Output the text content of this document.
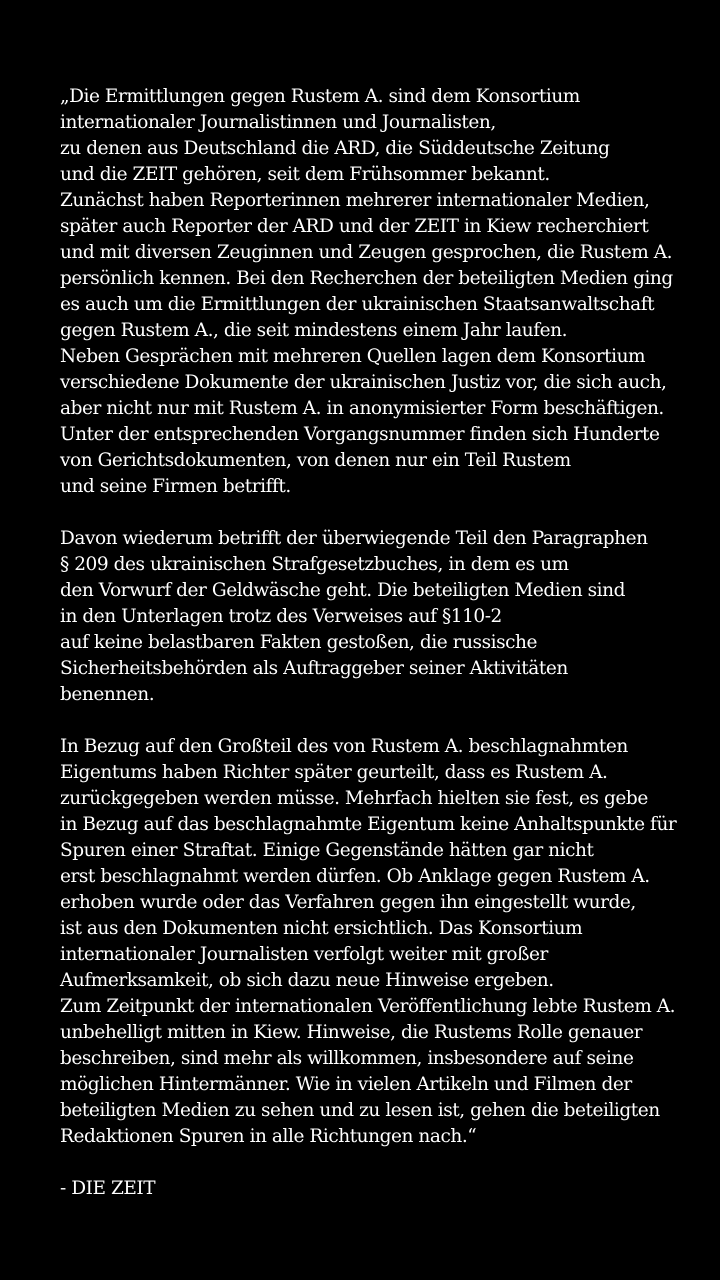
„Die Ermittlungen gegen Rustem A. sind dem Konsortium
internationaler Journalistinnen und Journalisten,
zu denen aus Deutschland die ARD, die Süddeutsche Zeitung
und die ZEIT gehören, seit dem Frühsommer bekannt.
Zunächst haben Reporterinnen mehrerer internationaler Medien,
später auch Reporter der ARD und der ZEIT in Kiew recherchiert
und mit diversen Zeuginnen und Zeugen gesprochen, die Rustem A.
persönlich kennen. Bei den Recherchen der beteiligten Medien ging
es auch um die Ermittlungen der ukrainischen Staatsanwaltschaft
gegen Rustem A., die seit mindestens einem Jahr laufen.
Neben Gesprächen mit mehreren Quellen lagen dem Konsortium
verschiedene Dokumente der ukrainischen Justiz vor, die sich auch,
aber nicht nur mit Rustem A. in anonymisierter Form beschäftigen.
Unter der entsprechenden Vorgangsnummer finden sich Hunderte
von Gerichtsdokumenten, von denen nur ein Teil Rustem
und seine Firmen betrifft.

Davon wiederum betrifft der überwiegende Teil den Paragraphen
§ 209 des ukrainischen Strafgesetzbuches, in dem es um
den Vorwurf der Geldwäsche geht. Die beteiligten Medien sind
in den Unterlagen trotz des Verweises auf §110-2
auf keine belastbaren Fakten gestoßen, die russische
Sicherheitsbehörden als Auftraggeber seiner Aktivitäten
benennen.

In Bezug auf den Großteil des von Rustem A. beschlagnahmten
Eigentums haben Richter später geurteilt, dass es Rustem A.
zurückgegeben werden müsse. Mehrfach hielten sie fest, es gebe
in Bezug auf das beschlagnahmte Eigentum keine Anhaltspunkte für
Spuren einer Straftat. Einige Gegenstände hätten gar nicht
erst beschlagnahmt werden dürfen. Ob Anklage gegen Rustem A.
erhoben wurde oder das Verfahren gegen ihn eingestellt wurde,
ist aus den Dokumenten nicht ersichtlich. Das Konsortium
internationaler Journalisten verfolgt weiter mit großer
Aufmerksamkeit, ob sich dazu neue Hinweise ergeben.
Zum Zeitpunkt der internationalen Veröffentlichung lebte Rustem A.
unbehelligt mitten in Kiew. Hinweise, die Rustems Rolle genauer
beschreiben, sind mehr als willkommen, insbesondere auf seine
möglichen Hintermänner. Wie in vielen Artikeln und Filmen der
beteiligten Medien zu sehen und zu lesen ist, gehen die beteiligten
Redaktionen Spuren in alle Richtungen nach.“

- DIE ZEIT
